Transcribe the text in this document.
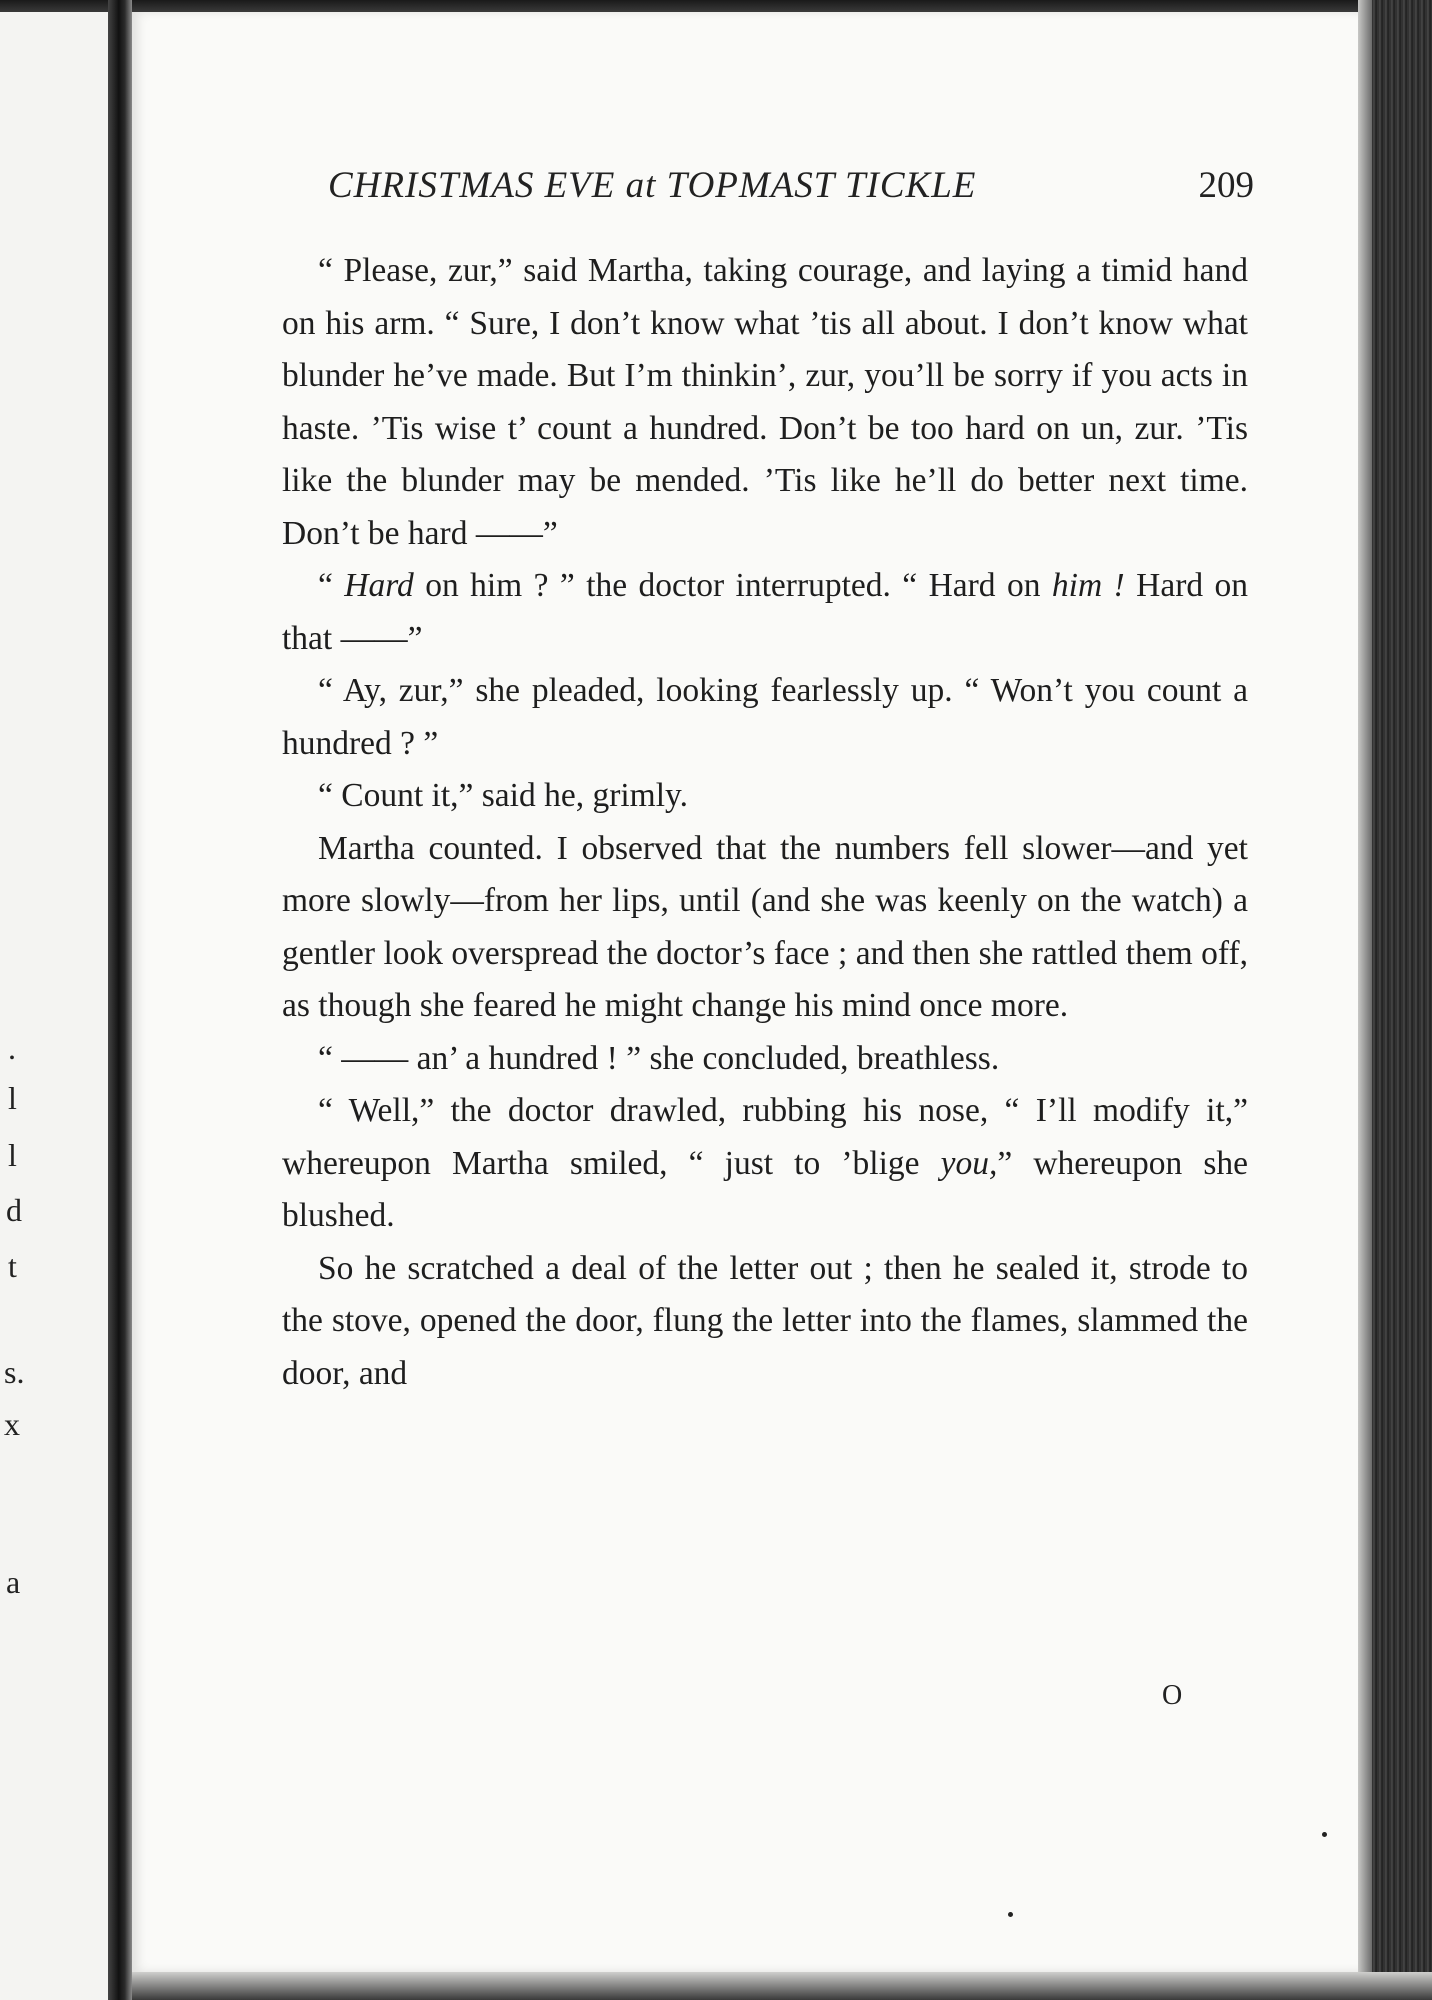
.
l
l
d
t
s.
x
a
CHRISTMAS EVE at TOPMAST TICKLE	209

“ Please, zur,” said Martha, taking courage, and laying a timid hand on his arm. “ Sure, I don’t know what ’tis all about. I don’t know what blunder he’ve made. But I’m thinkin’, zur, you’ll be sorry if you acts in haste. ’Tis wise t’ count a hundred. Don’t be too hard on un, zur. ’Tis like the blunder may be mended. ’Tis like he’ll do better next time. Don’t be hard ——”

“ Hard on him ? ” the doctor interrupted. “ Hard on him ! Hard on that ——”

“ Ay, zur,” she pleaded, looking fearlessly up. “ Won’t you count a hundred ? ”

“ Count it,” said he, grimly.

Martha counted. I observed that the numbers fell slower—and yet more slowly—from her lips, until (and she was keenly on the watch) a gentler look overspread the doctor’s face ; and then she rattled them off, as though she feared he might change his mind once more.

“ —— an’ a hundred ! ” she concluded, breathless.

“ Well,” the doctor drawled, rubbing his nose, “ I’ll modify it,” whereupon Martha smiled, “ just to ’blige you,” whereupon she blushed.

So he scratched a deal of the letter out ; then he sealed it, strode to the stove, opened the door, flung the letter into the flames, slammed the door, and

O
